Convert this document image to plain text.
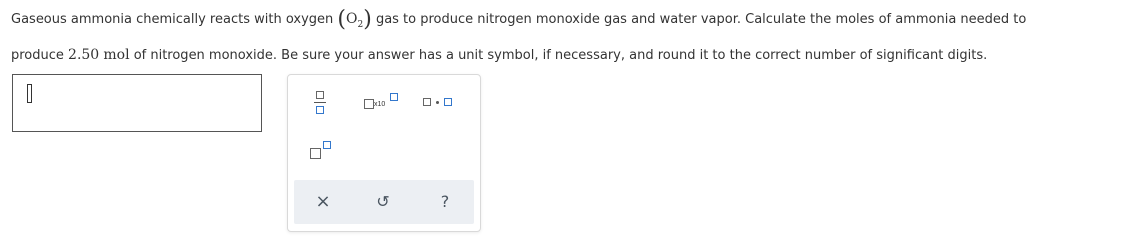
Gaseous ammonia chemically reacts with oxygen $(O_2)$ gas to produce nitrogen monoxide gas and water vapor. Calculate the moles of ammonia needed to
produce 2.50 mol of nitrogen monoxide. Be sure your answer has a unit symbol, if necessary, and round it to the correct number of significant digits.
x10
×	↺	?
